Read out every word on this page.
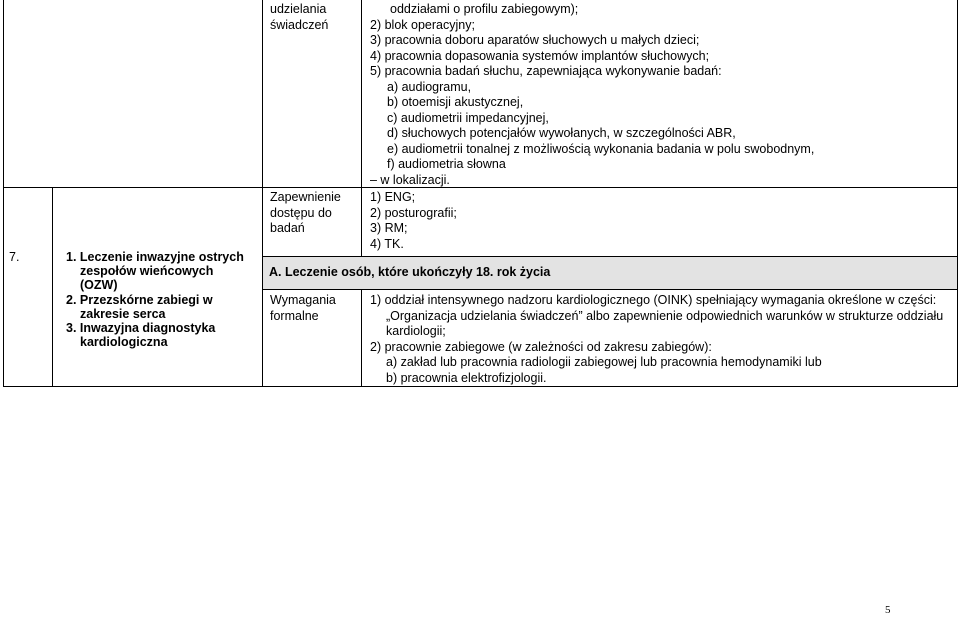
A. Leczenie osób, które ukończyły 18. rok życia
udzielania
świadczeń
oddziałami o profilu zabiegowym);
2) blok operacyjny;
3) pracownia doboru aparatów słuchowych u małych dzieci;
4) pracownia dopasowania systemów implantów słuchowych;
5) pracownia badań słuchu, zapewniająca wykonywanie badań:
a) audiogramu,
b) otoemisji akustycznej,
c) audiometrii impedancyjnej,
d) słuchowych potencjałów wywołanych, w szczególności ABR,
e) audiometrii tonalnej z możliwością wykonania badania w polu swobodnym,
f) audiometria słowna
– w lokalizacji.
7.	1. Leczenie inwazyjne ostrych
zespołów wieńcowych
(OZW)
2. Przezskórne zabiegi w
zakresie serca
3. Inwazyjna diagnostyka
kardiologiczna
Zapewnienie
dostępu do
badań
1) ENG;
2) posturografii;
3) RM;
4) TK.
Wymagania
formalne
1) oddział intensywnego nadzoru kardiologicznego (OINK) spełniający wymagania określone w części:
„Organizacja udzielania świadczeń” albo zapewnienie odpowiednich warunków w strukturze oddziału
kardiologii;
2) pracownie zabiegowe (w zależności od zakresu zabiegów):
a) zakład lub pracownia radiologii zabiegowej lub pracownia hemodynamiki lub
b) pracownia elektrofizjologii.
5
